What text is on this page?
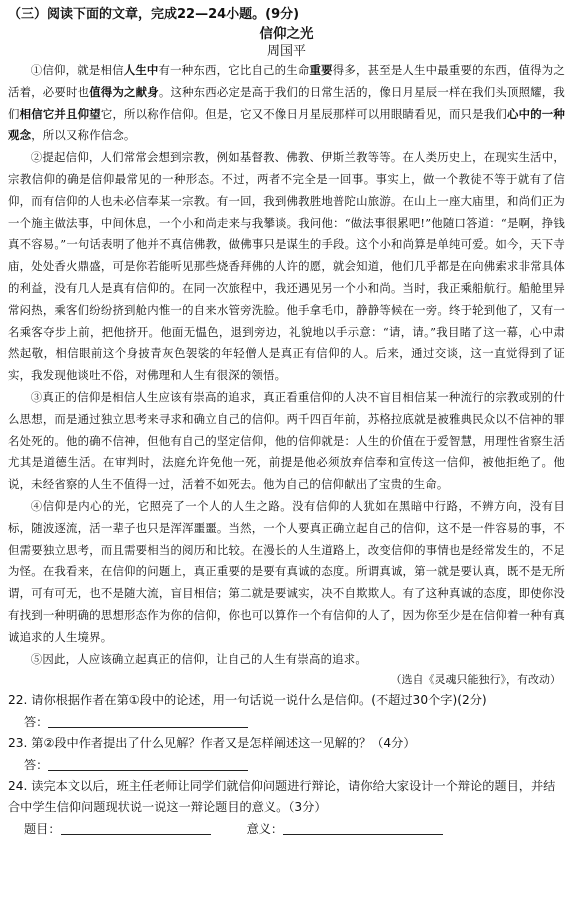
（三）阅读下面的文章，完成22—24小题。(9分)

信仰之光
周国平

①信仰，就是相信人生中有一种东西，它比自己的生命重要得多，甚至是人生中最重要的东西，值得为之活着，必要时也值得为之献身。这种东西必定是高于我们的日常生活的，像日月星辰一样在我们头顶照耀，我们相信它并且仰望它，所以称作信仰。但是，它又不像日月星辰那样可以用眼睛看见，而只是我们心中的一种观念，所以又称作信念。

②提起信仰，人们常常会想到宗教，例如基督教、佛教、伊斯兰教等等。在人类历史上，在现实生活中，宗教信仰的确是信仰最常见的一种形态。不过，两者不完全是一回事。事实上，做一个教徒不等于就有了信仰，而有信仰的人也未必信奉某一宗教。有一回，我到佛教胜地普陀山旅游。在山上一座大庙里，和尚们正为一个施主做法事，中间休息，一个小和尚走来与我攀谈。我问他：“做法事很累吧!”他随口答道：“是啊，挣钱真不容易。”一句话表明了他并不真信佛教，做佛事只是谋生的手段。这个小和尚算是单纯可爱。如今，天下寺庙，处处香火鼎盛，可是你若能听见那些烧香拜佛的人许的愿，就会知道，他们几乎都是在向佛索求非常具体的利益，没有几人是真有信仰的。在同一次旅程中，我还遇见另一个小和尚。当时，我正乘船航行。船舱里异常闷热，乘客们纷纷挤到舱内惟一的自来水管旁洗脸。他手拿毛巾，静静等候在一旁。终于轮到他了，又有一名乘客夺步上前，把他挤开。他面无愠色，退到旁边，礼貌地以手示意：“请，请。”我目睹了这一幕，心中肃然起敬，相信眼前这个身披青灰色袈裟的年轻僧人是真正有信仰的人。后来，通过交谈，这一直觉得到了证实，我发现他谈吐不俗，对佛理和人生有很深的领悟。

③真正的信仰是相信人生应该有崇高的追求，真正看重信仰的人决不盲目相信某一种流行的宗教或别的什么思想，而是通过独立思考来寻求和确立自己的信仰。两千四百年前，苏格拉底就是被雅典民众以不信神的罪名处死的。他的确不信神，但他有自己的坚定信仰，他的信仰就是：人生的价值在于爱智慧，用理性省察生活尤其是道德生活。在审判时，法庭允许免他一死，前提是他必须放弃信奉和宣传这一信仰，被他拒绝了。他说，未经省察的人生不值得一过，活着不如死去。他为自己的信仰献出了宝贵的生命。

④信仰是内心的光，它照亮了一个人的人生之路。没有信仰的人犹如在黑暗中行路，不辨方向，没有目标，随波逐流，活一辈子也只是浑浑噩噩。当然，一个人要真正确立起自己的信仰，这不是一件容易的事，不但需要独立思考，而且需要相当的阅历和比较。在漫长的人生道路上，改变信仰的事情也是经常发生的，不足为怪。在我看来，在信仰的问题上，真正重要的是要有真诚的态度。所谓真诚，第一就是要认真，既不是无所谓，可有可无，也不是随大流，盲目相信；第二就是要诚实，决不自欺欺人。有了这种真诚的态度，即使你没有找到一种明确的思想形态作为你的信仰，你也可以算作一个有信仰的人了，因为你至少是在信仰着一种有真诚追求的人生境界。

⑤因此，人应该确立起真正的信仰，让自己的人生有崇高的追求。

（选自《灵魂只能独行》，有改动）

22. 请你根据作者在第①段中的论述，用一句话说一说什么是信仰。(不超过30个字)(2分)

答：

23. 第②段中作者提出了什么见解？作者又是怎样阐述这一见解的？（4分）

答：

24. 读完本文以后，班主任老师让同学们就信仰问题进行辩论，请你给大家设计一个辩论的题目，并结合中学生信仰问题现状说一说这一辩论题目的意义。（3分）

题目：	意义：
